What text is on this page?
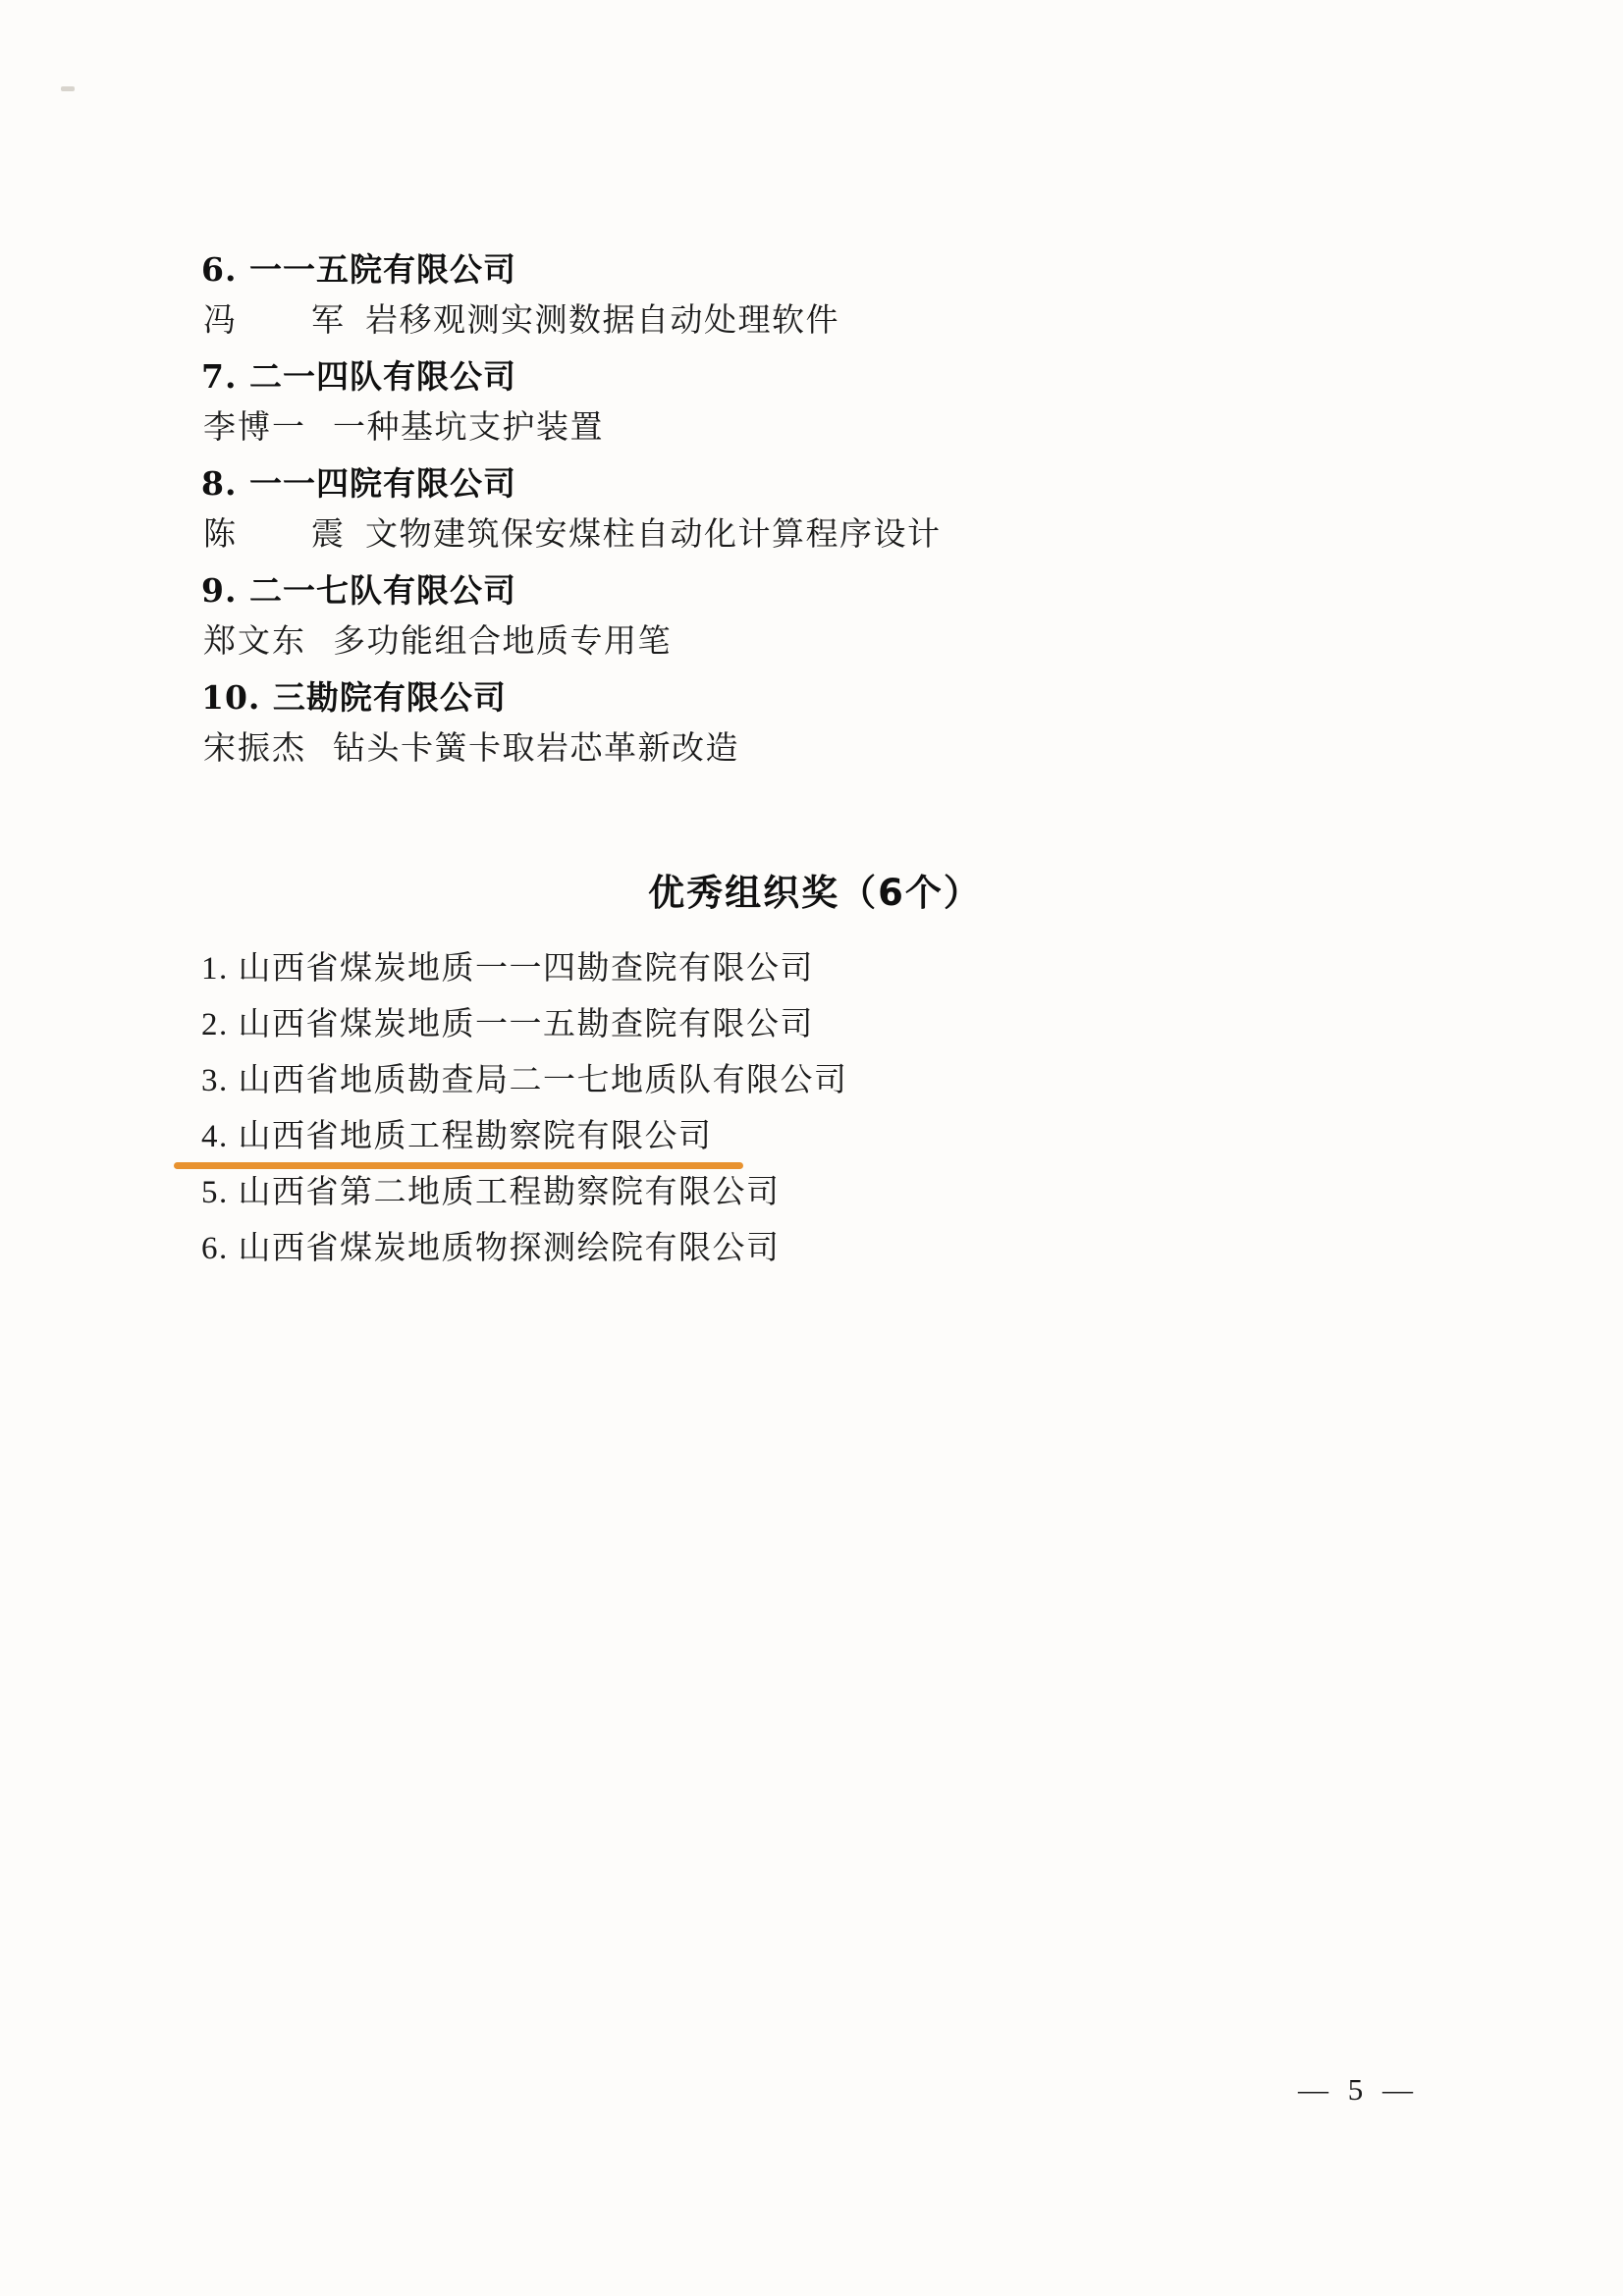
6. 一一五院有限公司
冯　军岩移观测实测数据自动处理软件
7. 二一四队有限公司
李博一 一种基坑支护装置
8. 一一四院有限公司
陈　震文物建筑保安煤柱自动化计算程序设计
9. 二一七队有限公司
郑文东 多功能组合地质专用笔
10. 三勘院有限公司
宋振杰 钻头卡簧卡取岩芯革新改造
优秀组织奖（6个）
1. 山西省煤炭地质一一四勘查院有限公司
2. 山西省煤炭地质一一五勘查院有限公司
3. 山西省地质勘查局二一七地质队有限公司
4. 山西省地质工程勘察院有限公司
5. 山西省第二地质工程勘察院有限公司
6. 山西省煤炭地质物探测绘院有限公司
— 5 —
